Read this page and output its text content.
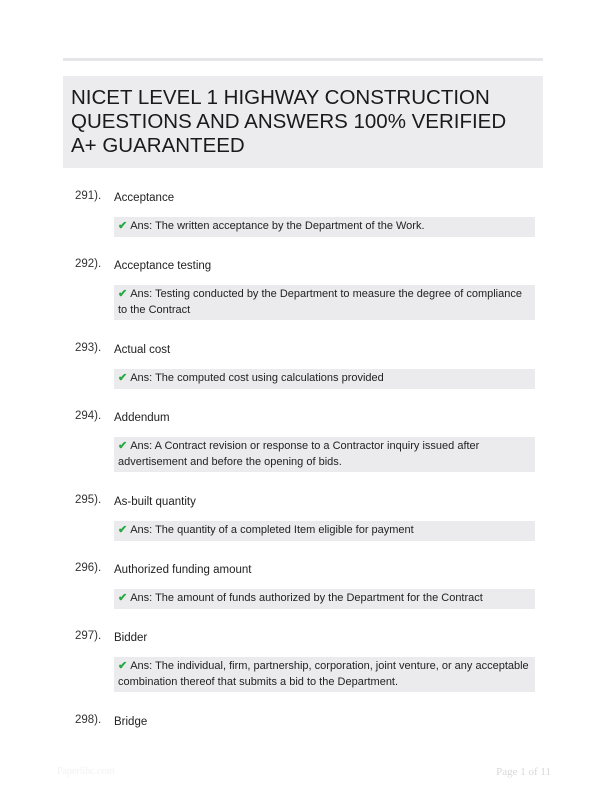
NICET LEVEL 1 HIGHWAY CONSTRUCTION QUESTIONS AND ANSWERS 100% VERIFIED A+ GUARANTEED
291). Acceptance
✔ Ans: The written acceptance by the Department of the Work.
292). Acceptance testing
✔ Ans: Testing conducted by the Department to measure the degree of compliance to the Contract
293). Actual cost
✔ Ans: The computed cost using calculations provided
294). Addendum
✔ Ans: A Contract revision or response to a Contractor inquiry issued after advertisement and before the opening of bids.
295). As-built quantity
✔ Ans: The quantity of a completed Item eligible for payment
296). Authorized funding amount
✔ Ans: The amount of funds authorized by the Department for the Contract
297). Bidder
✔ Ans: The individual, firm, partnership, corporation, joint venture, or any acceptable combination thereof that submits a bid to the Department.
298). Bridge
Paperlibc.com	Page 1 of 11
